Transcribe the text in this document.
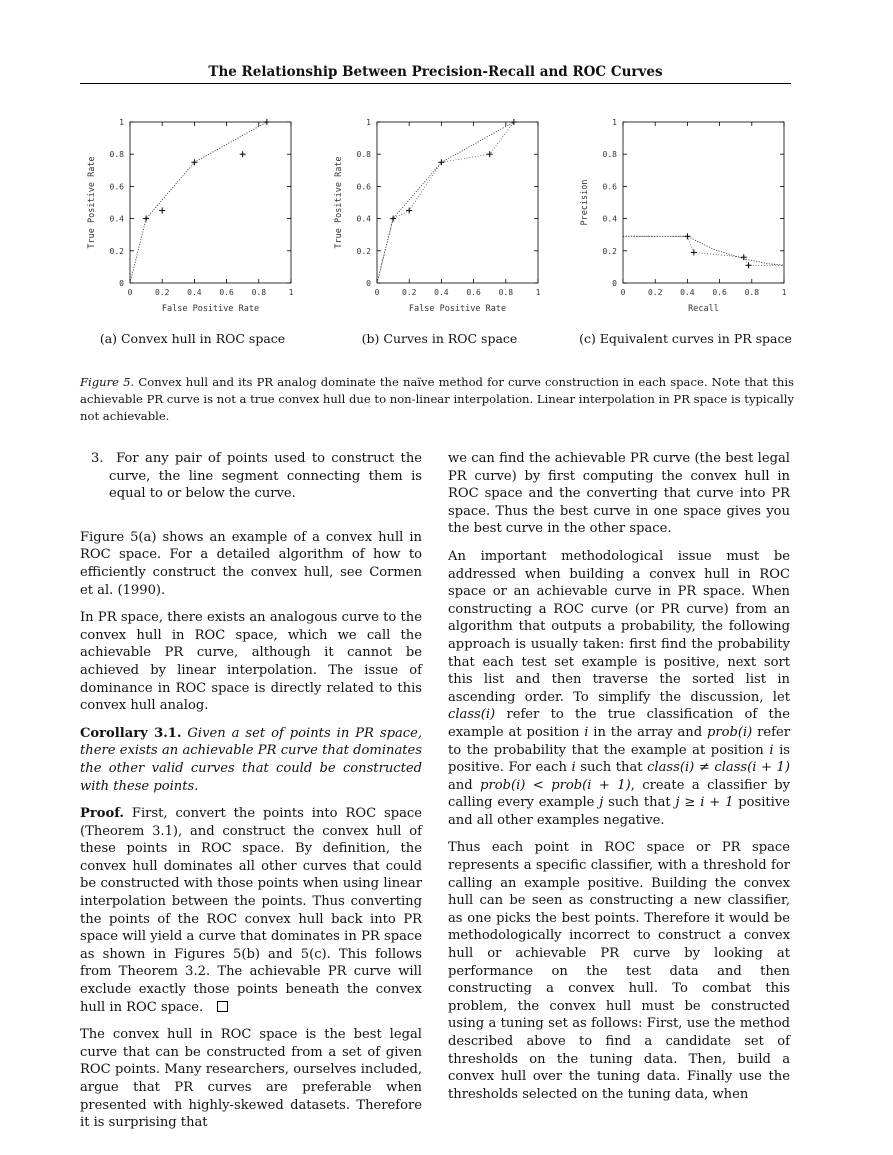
The Relationship Between Precision-Recall and ROC Curves
0	0.2 0.4 0.6 0.8	1
0
0.2
0.4
0.6
0.8
1
False Positive Rate
True Positive Rate
0	0.2 0.4 0.6 0.8	1
0
0.2
0.4
0.6
0.8
1
False Positive Rate
True Positive Rate
0	0.2 0.4 0.6 0.8	1
0
0.2
0.4
0.6
0.8
1
Recall
Precision
(a) Convex hull in ROC space	(b) Curves in ROC space	(c) Equivalent curves in PR space
Figure 5. Convex hull and its PR analog dominate the naïve method for curve construction in each space. Note that this achievable PR curve is not a true convex hull due to non-linear interpolation. Linear interpolation in PR space is typically not achievable.

3. For any pair of points used to construct the curve, the line segment connecting them is equal to or below the curve.

Figure 5(a) shows an example of a convex hull in ROC space. For a detailed algorithm of how to efficiently construct the convex hull, see Cormen et al. (1990).

In PR space, there exists an analogous curve to the convex hull in ROC space, which we call the achievable PR curve, although it cannot be achieved by linear interpolation. The issue of dominance in ROC space is directly related to this convex hull analog.

Corollary 3.1. Given a set of points in PR space, there exists an achievable PR curve that dominates the other valid curves that could be constructed with these points.

Proof. First, convert the points into ROC space (Theorem 3.1), and construct the convex hull of these points in ROC space. By definition, the convex hull dominates all other curves that could be constructed with those points when using linear interpolation between the points. Thus converting the points of the ROC convex hull back into PR space will yield a curve that dominates in PR space as shown in Figures 5(b) and 5(c). This follows from Theorem 3.2. The achievable PR curve will exclude exactly those points beneath the convex hull in ROC space.

The convex hull in ROC space is the best legal curve that can be constructed from a set of given ROC points. Many researchers, ourselves included, argue that PR curves are preferable when presented with highly-skewed datasets. Therefore it is surprising that

we can find the achievable PR curve (the best legal PR curve) by first computing the convex hull in ROC space and the converting that curve into PR space. Thus the best curve in one space gives you the best curve in the other space.

An important methodological issue must be addressed when building a convex hull in ROC space or an achievable curve in PR space. When constructing a ROC curve (or PR curve) from an algorithm that outputs a probability, the following approach is usually taken: first find the probability that each test set example is positive, next sort this list and then traverse the sorted list in ascending order. To simplify the discussion, let class(i) refer to the true classification of the example at position i in the array and prob(i) refer to the probability that the example at position i is positive. For each i such that class(i) ≠ class(i + 1) and prob(i) < prob(i + 1), create a classifier by calling every example j such that j ≥ i + 1 positive and all other examples negative.

Thus each point in ROC space or PR space represents a specific classifier, with a threshold for calling an example positive. Building the convex hull can be seen as constructing a new classifier, as one picks the best points. Therefore it would be methodologically incorrect to construct a convex hull or achievable PR curve by looking at performance on the test data and then constructing a convex hull. To combat this problem, the convex hull must be constructed using a tuning set as follows: First, use the method described above to find a candidate set of thresholds on the tuning data. Then, build a convex hull over the tuning data. Finally use the thresholds selected on the tuning data, when
